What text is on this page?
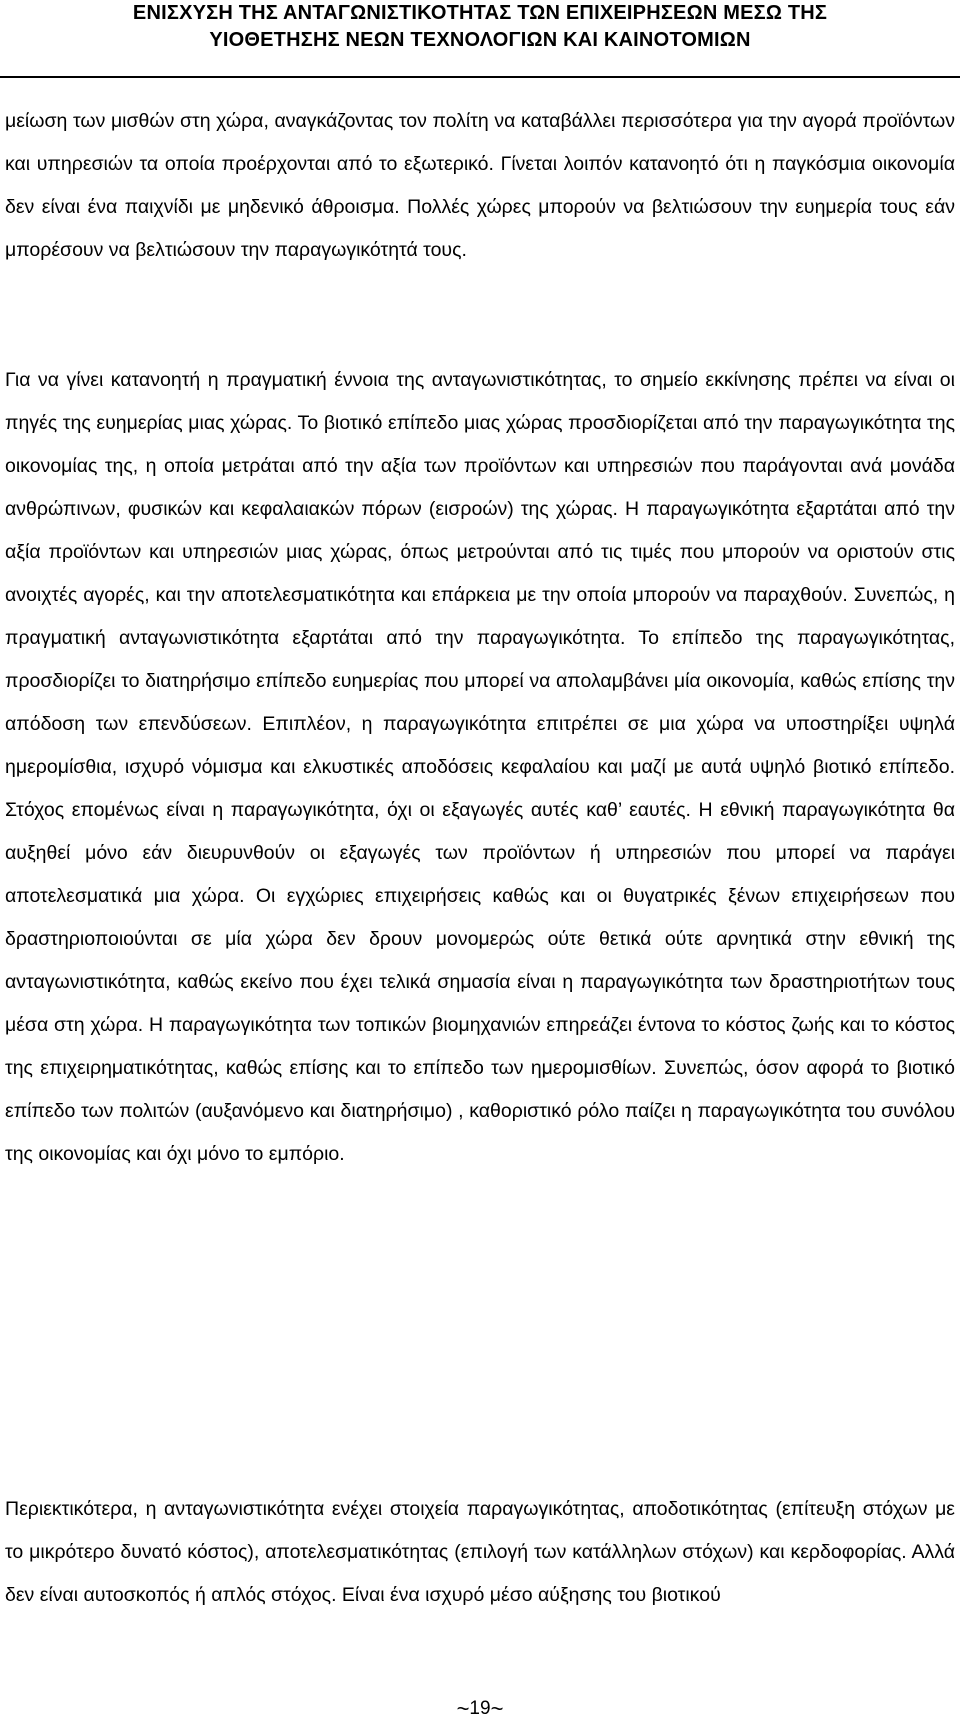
ΕΝΙΣΧΥΣΗ ΤΗΣ ΑΝΤΑΓΩΝΙΣΤΙΚΟΤΗΤΑΣ ΤΩΝ ΕΠΙΧΕΙΡΗΣΕΩΝ ΜΕΣΩ ΤΗΣ
ΥΙΟΘΕΤΗΣΗΣ ΝΕΩΝ ΤΕΧΝΟΛΟΓΙΩΝ ΚΑΙ ΚΑΙΝΟΤΟΜΙΩΝ

μείωση των μισθών στη χώρα, αναγκάζοντας τον πολίτη να καταβάλλει περισσότερα για την αγορά προϊόντων και υπηρεσιών τα οποία προέρχονται από το εξωτερικό. Γίνεται λοιπόν κατανοητό ότι η παγκόσμια οικονομία δεν είναι ένα παιχνίδι με μηδενικό άθροισμα. Πολλές χώρες μπορούν να βελτιώσουν την ευημερία τους εάν μπορέσουν να βελτιώσουν την παραγωγικότητά τους.

Για να γίνει κατανοητή η πραγματική έννοια της ανταγωνιστικότητας, το σημείο εκκίνησης πρέπει να είναι οι πηγές της ευημερίας μιας χώρας. Το βιοτικό επίπεδο μιας χώρας προσδιορίζεται από την παραγωγικότητα της οικονομίας της, η οποία μετράται από την αξία των προϊόντων και υπηρεσιών που παράγονται ανά μονάδα ανθρώπινων, φυσικών και κεφαλαιακών πόρων (εισροών) της χώρας. Η παραγωγικότητα εξαρτάται από την αξία προϊόντων και υπηρεσιών μιας χώρας, όπως μετρούνται από τις τιμές που μπορούν να οριστούν στις ανοιχτές αγορές, και την αποτελεσματικότητα και επάρκεια με την οποία μπορούν να παραχθούν. Συνεπώς, η πραγματική ανταγωνιστικότητα εξαρτάται από την παραγωγικότητα. Το επίπεδο της παραγωγικότητας, προσδιορίζει το διατηρήσιμο επίπεδο ευημερίας που μπορεί να απολαμβάνει μία οικονομία, καθώς επίσης την απόδοση των επενδύσεων. Επιπλέον, η παραγωγικότητα επιτρέπει σε μια χώρα να υποστηρίξει υψηλά ημερομίσθια, ισχυρό νόμισμα και ελκυστικές αποδόσεις κεφαλαίου και μαζί με αυτά υψηλό βιοτικό επίπεδο. Στόχος επομένως είναι η παραγωγικότητα, όχι οι εξαγωγές αυτές καθ’ εαυτές. Η εθνική παραγωγικότητα θα αυξηθεί μόνο εάν διευρυνθούν οι εξαγωγές των προϊόντων ή υπηρεσιών που μπορεί να παράγει αποτελεσματικά μια χώρα. Οι εγχώριες επιχειρήσεις καθώς και οι θυγατρικές ξένων επιχειρήσεων που δραστηριοποιούνται σε μία χώρα δεν δρουν μονομερώς ούτε θετικά ούτε αρνητικά στην εθνική της ανταγωνιστικότητα, καθώς εκείνο που έχει τελικά σημασία είναι η παραγωγικότητα των δραστηριοτήτων τους μέσα στη χώρα. Η παραγωγικότητα των τοπικών βιομηχανιών επηρεάζει έντονα το κόστος ζωής και το κόστος της επιχειρηματικότητας, καθώς επίσης και το επίπεδο των ημερομισθίων. Συνεπώς, όσον αφορά το βιοτικό επίπεδο των πολιτών (αυξανόμενο και διατηρήσιμο) , καθοριστικό ρόλο παίζει η παραγωγικότητα του συνόλου της οικονομίας και όχι μόνο το εμπόριο.

Περιεκτικότερα, η ανταγωνιστικότητα ενέχει στοιχεία παραγωγικότητας, αποδοτικότητας (επίτευξη στόχων με το μικρότερο δυνατό κόστος), αποτελεσματικότητας (επιλογή των κατάλληλων στόχων) και κερδοφορίας. Αλλά δεν είναι αυτοσκοπός ή απλός στόχος. Είναι ένα ισχυρό μέσο αύξησης του βιοτικού

~19~
